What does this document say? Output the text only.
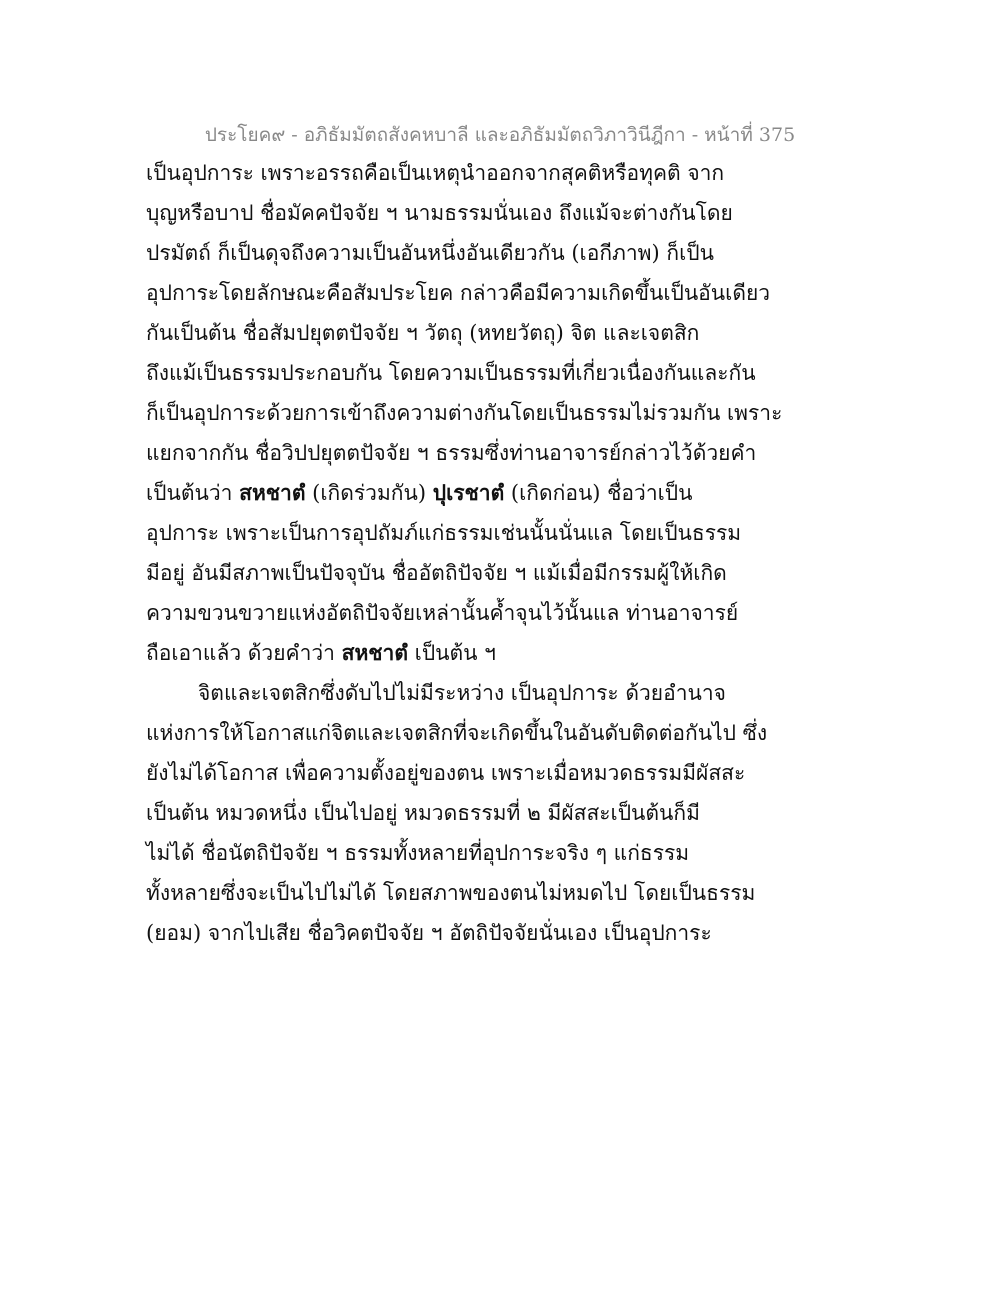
ประโยค๙ - อภิธัมมัตถสังคหบาลี และอภิธัมมัตถวิภาวินีฎีกา - หน้าที่ 375
เป็นอุปการะ เพราะอรรถคือเป็นเหตุนำออกจากสุคติหรือทุคติ จาก
บุญหรือบาป ชื่อมัคคปัจจัย ฯ นามธรรมนั่นเอง ถึงแม้จะต่างกันโดย
ปรมัตถ์ ก็เป็นดุจถึงความเป็นอันหนึ่งอันเดียวกัน (เอกีภาพ) ก็เป็น
อุปการะโดยลักษณะคือสัมประโยค กล่าวคือมีความเกิดขึ้นเป็นอันเดียว
กันเป็นต้น ชื่อสัมปยุตตปัจจัย ฯ วัตถุ (หทยวัตถุ) จิต และเจตสิก
ถึงแม้เป็นธรรมประกอบกัน โดยความเป็นธรรมที่เกี่ยวเนื่องกันและกัน
ก็เป็นอุปการะด้วยการเข้าถึงความต่างกันโดยเป็นธรรมไม่รวมกัน เพราะ
แยกจากกัน ชื่อวิปปยุตตปัจจัย ฯ ธรรมซึ่งท่านอาจารย์กล่าวไว้ด้วยคำ
เป็นต้นว่า สหชาตํ (เกิดร่วมกัน) ปุเรชาตํ (เกิดก่อน) ชื่อว่าเป็น
อุปการะ เพราะเป็นการอุปถัมภ์แก่ธรรมเช่นนั้นนั่นแล โดยเป็นธรรม
มีอยู่ อันมีสภาพเป็นปัจจุบัน ชื่ออัตถิปัจจัย ฯ แม้เมื่อมีกรรมผู้ให้เกิด
ความขวนขวายแห่งอัตถิปัจจัยเหล่านั้นค้ำจุนไว้นั้นแล ท่านอาจารย์
ถือเอาแล้ว ด้วยคำว่า สหชาตํ เป็นต้น ฯ
จิตและเจตสิกซึ่งดับไปไม่มีระหว่าง เป็นอุปการะ ด้วยอำนาจ
แห่งการให้โอกาสแก่จิตและเจตสิกที่จะเกิดขึ้นในอันดับติดต่อกันไป ซึ่ง
ยังไม่ได้โอกาส เพื่อความตั้งอยู่ของตน เพราะเมื่อหมวดธรรมมีผัสสะ
เป็นต้น หมวดหนึ่ง เป็นไปอยู่ หมวดธรรมที่ ๒ มีผัสสะเป็นต้นก็มี
ไม่ได้ ชื่อนัตถิปัจจัย ฯ ธรรมทั้งหลายที่อุปการะจริง ๆ แก่ธรรม
ทั้งหลายซึ่งจะเป็นไปไม่ได้ โดยสภาพของตนไม่หมดไป โดยเป็นธรรม
(ยอม) จากไปเสีย ชื่อวิคตปัจจัย ฯ อัตถิปัจจัยนั่นเอง เป็นอุปการะ
